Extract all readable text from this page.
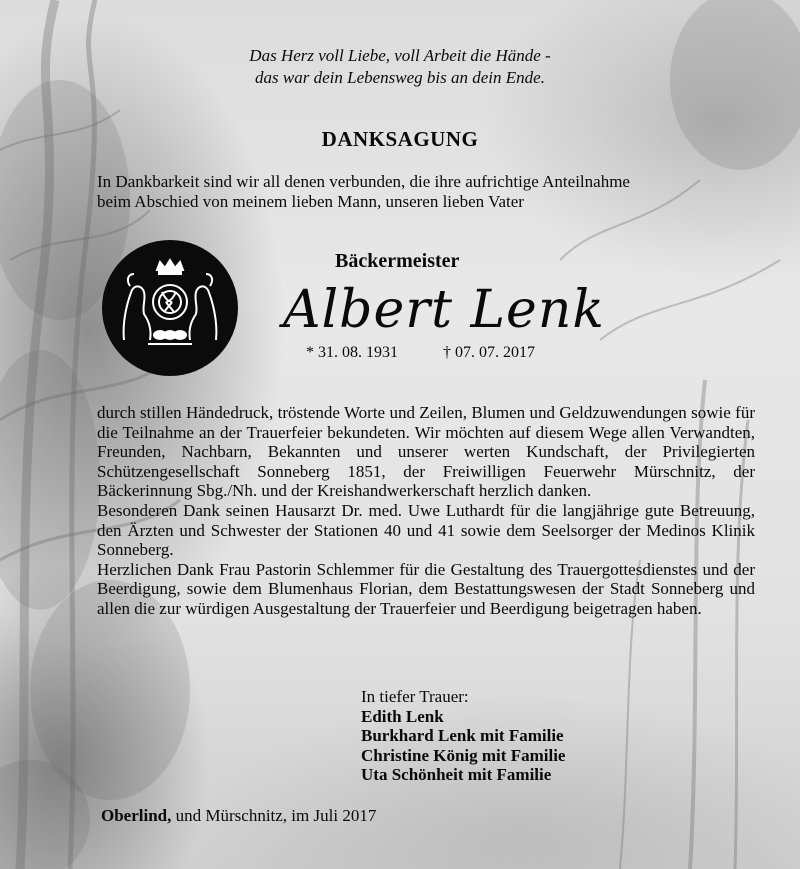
Das Herz voll Liebe, voll Arbeit die Hände -
das war dein Lebensweg bis an dein Ende.
DANKSAGUNG
In Dankbarkeit sind wir all denen verbunden, die ihre aufrichtige Anteilnahme
beim Abschied von meinem lieben Mann, unseren lieben Vater
Bäckermeister
Albert Lenk
* 31. 08. 1931	† 07. 07. 2017

durch stillen Händedruck, tröstende Worte und Zeilen, Blumen und Geldzuwendungen sowie für die Teilnahme an der Trauerfeier bekundeten. Wir möchten auf diesem Wege allen Verwandten, Freunden, Nachbarn, Bekannten und unserer werten Kundschaft, der Privilegierten Schützengesellschaft Sonneberg 1851, der Freiwilligen Feuerwehr Mürschnitz, der Bäckerinnung Sbg./Nh. und der Kreishandwerkerschaft herzlich danken.

Besonderen Dank seinen Hausarzt Dr. med. Uwe Luthardt für die langjährige gute Betreuung, den Ärzten und Schwester der Stationen 40 und 41 sowie dem Seelsorger der Medinos Klinik Sonneberg.

Herzlichen Dank Frau Pastorin Schlemmer für die Gestaltung des Trauergottesdienstes und der Beerdigung, sowie dem Blumenhaus Florian, dem Bestattungswesen der Stadt Sonneberg und allen die zur würdigen Ausgestaltung der Trauerfeier und Beerdigung beigetragen haben.

In tiefer Trauer:
Edith Lenk
Burkhard Lenk mit Familie
Christine König mit Familie
Uta Schönheit mit Familie
Oberlind, und Mürschnitz, im Juli 2017
